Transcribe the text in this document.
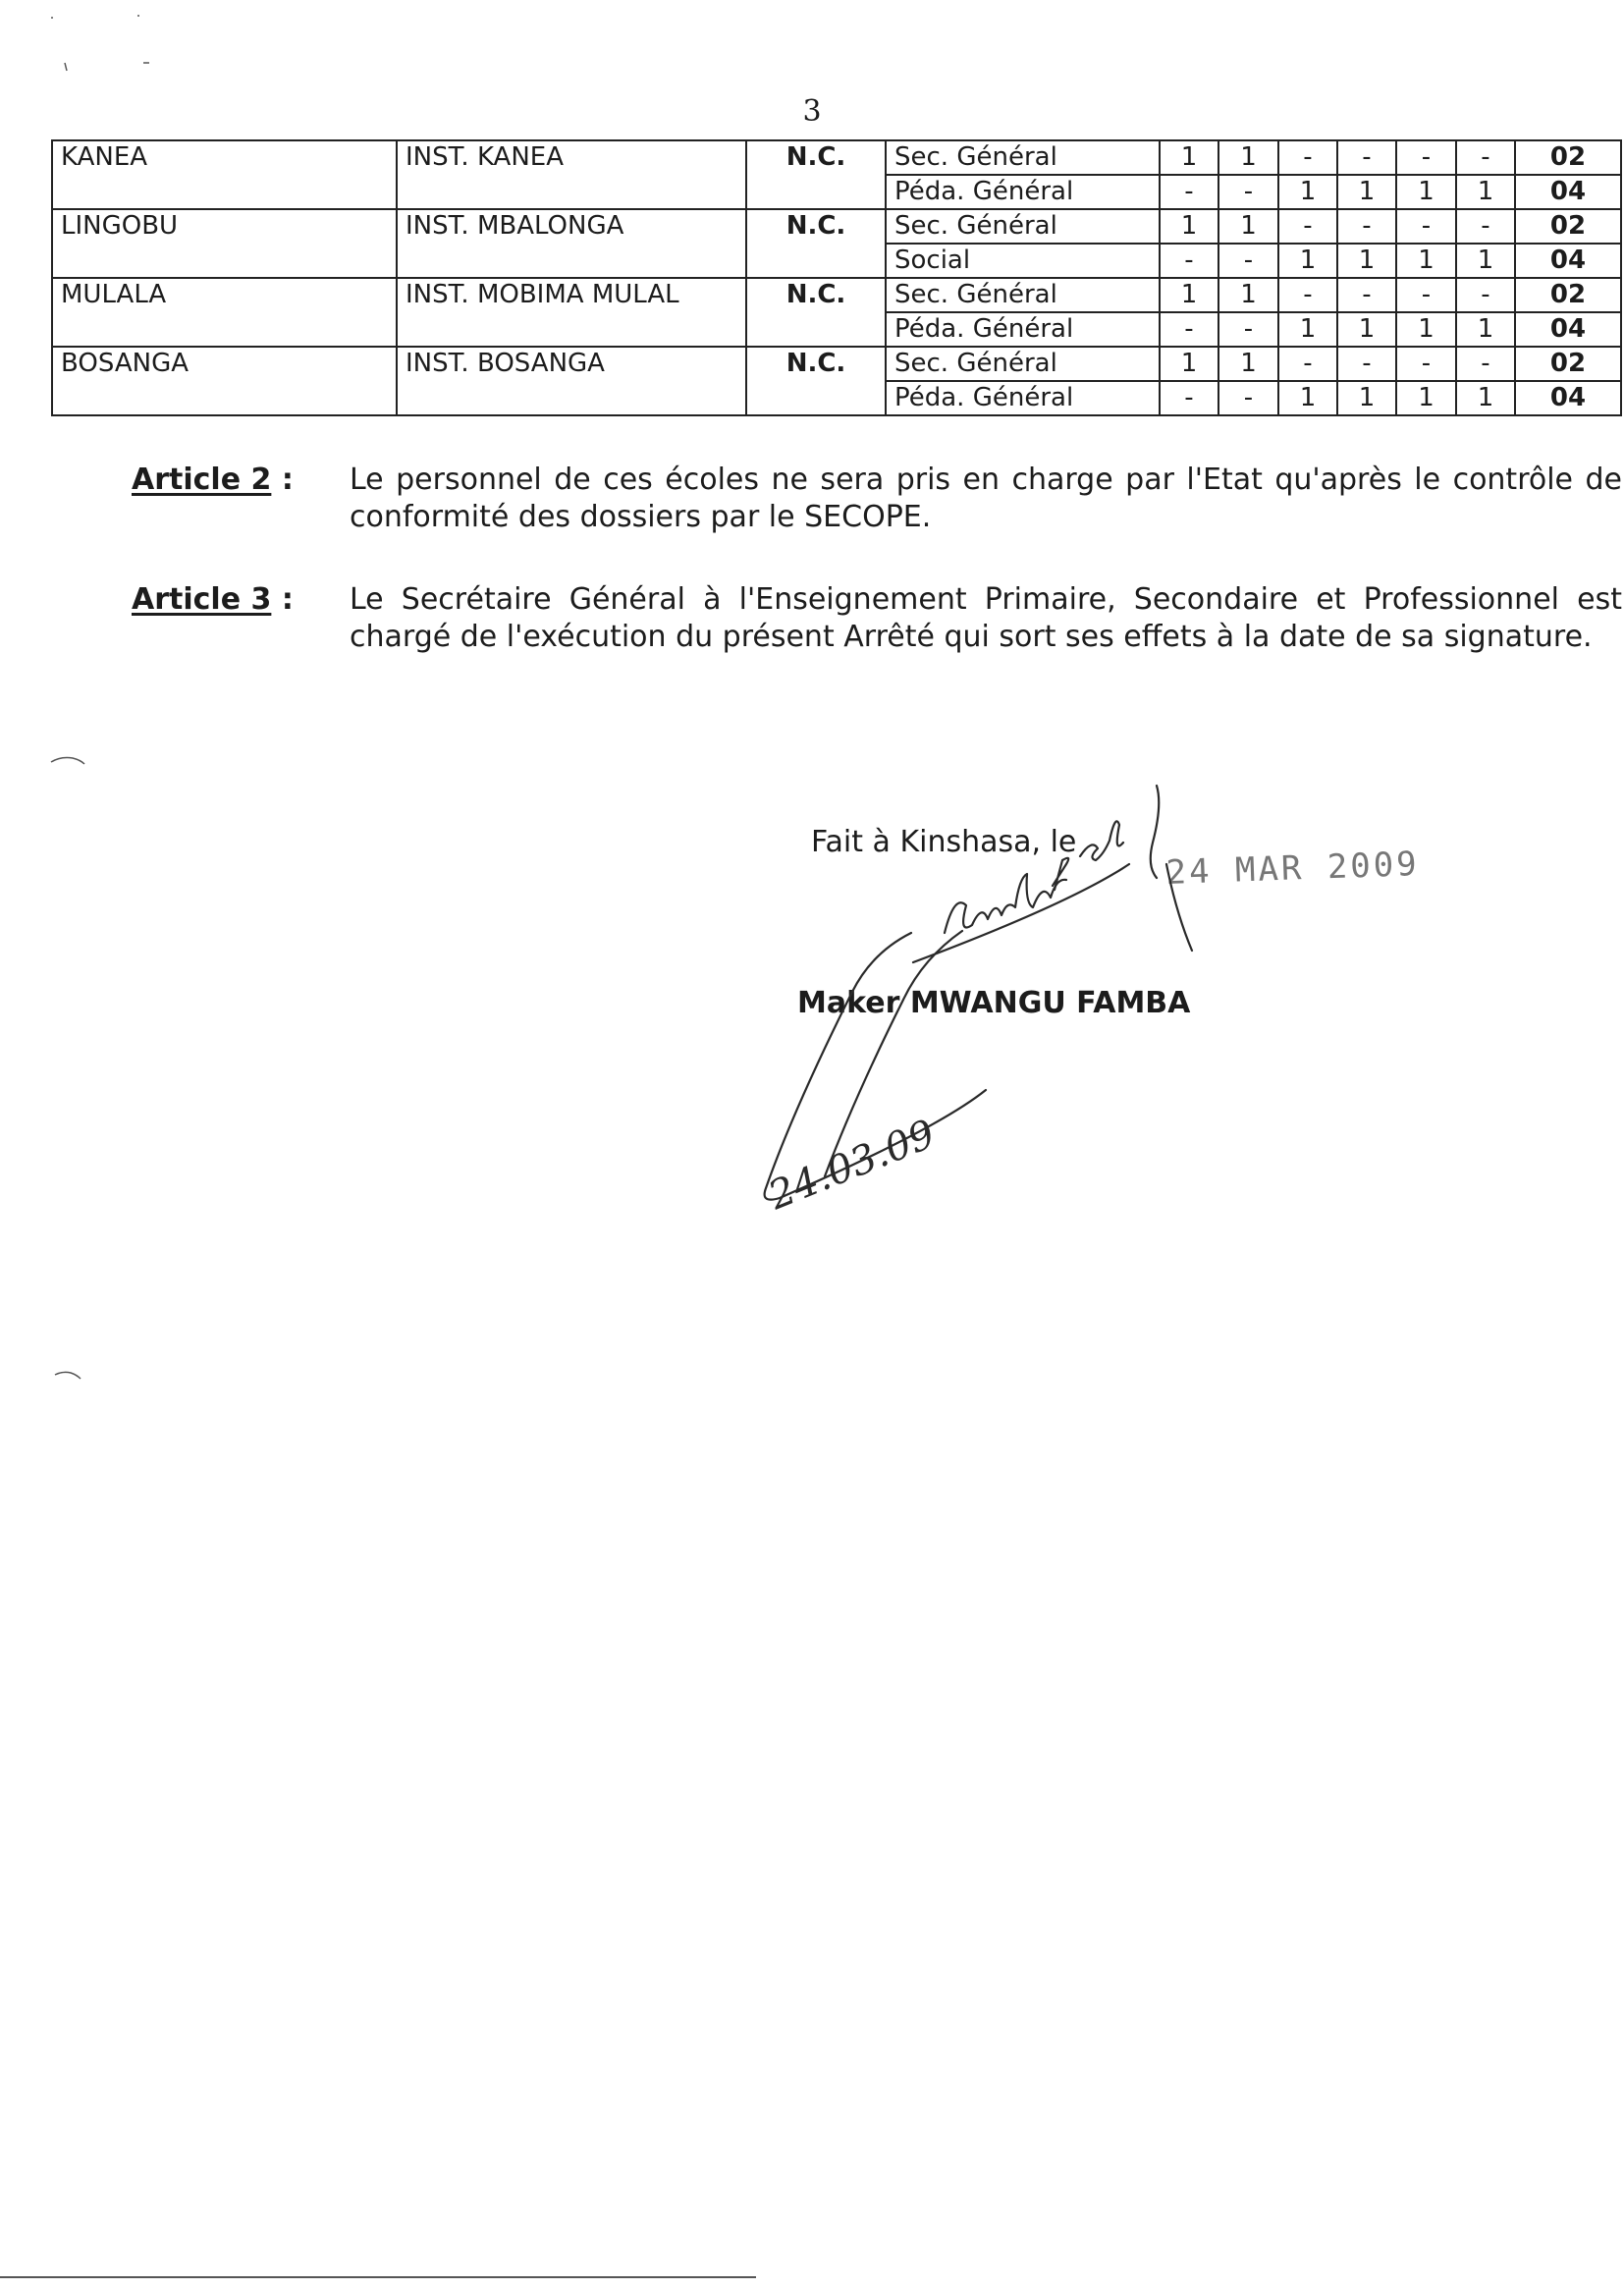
3
KANEA	INST. KANEA	N.C.	Sec. Général	1	1	-	-	-	-	02
			Péda. Général	-	-	1	1	1	1	04
LINGOBU	INST. MBALONGA	N.C.	Sec. Général	1	1	-	-	-	-	02
			Social	-	-	1	1	1	1	04
MULALA	INST. MOBIMA MULAL	N.C.	Sec. Général	1	1	-	-	-	-	02
			Péda. Général	-	-	1	1	1	1	04
BOSANGA	INST. BOSANGA	N.C.	Sec. Général	1	1	-	-	-	-	02
			Péda. Général	-	-	1	1	1	1	04
Article 2 : Le personnel de ces écoles ne sera pris en charge par l'Etat qu'après le contrôle de conformité des dossiers par le SECOPE.
Article 3 : Le Secrétaire Général à l'Enseignement Primaire, Secondaire et Professionnel est chargé de l'exécution du présent Arrêté qui sort ses effets à la date de sa signature.
Fait à Kinshasa, le
Maker MWANGU FAMBA
24 MAR 2009
24.03.09
